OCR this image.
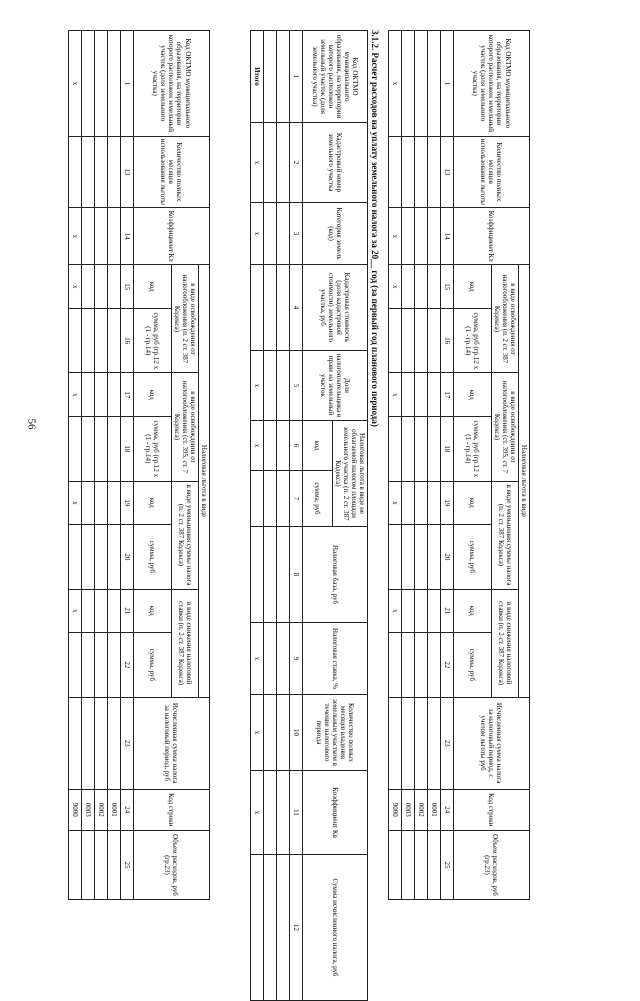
56
Код ОКТМО муниципального образования, на территории которого расположен земельный участок (доля земельного участка)	Количество полных месяцев использования льготы	Коэффициент Кл	Налоговая льгота в виде								Исчисленная сумма налога за налоговый период, с учетом льготы руб	Код строки	Объем расходов, руб (гр.23)
			в виде освобождения от налогообложения (п. 2 ст. 387 Кодекса)		в виде освобождения от налогообложения (ст. 395, ст. 7 Кодекса)		в виде уменьшения суммы налога (п. 2 ст. 387 Кодекса)		в виде снижения налоговой ставки (п. 2 ст. 387 Кодекса)				
			код	сумма, руб (гр.12 x (1 - гр.14)	код	сумма, руб (гр.12 x (1 - гр.14)	код	сумма, руб	код	сумма, руб			
1	13	14	15	16	17	18	19	20	21	22	23	24	25
												0001	
												0002	
												0003	
x		x	x		x		x		x			9000	
3.1.2. Расчет расходов на уплату земельного налога за 20__ год (за первый год планового периода)
Код ОКТМО муниципального образования, на территории которого расположен земельный участок (доля земельного участка)	Кадастровый номер земельного участка	Категория земель (код)	Кадастровая стоимость (доля кадастровой стоимости) земельного участка, руб	Доля налогоплательщика в праве на земельный участок	Налоговая льгота в виде не облагаемой налогом площади земельного участка (п. 2 ст. 387 Кодекса)		Налоговая база, руб	Налоговая ставка, %	Количество полных месяцев владения земельным участком в течение налогового периода	Коэффициент Кв	Сумма исчисленного налога, руб
					код	сумма, руб					
1	2	3	4	5	6	7	8	9	10	11	12

Итого	x	x		x	x			x	x	x	
Код ОКТМО муниципального образования, на территории которого расположен земельный участок (доля земельного участка)	Количество полных месяцев использования льготы	Коэффициент Кл	Налоговая льгота в виде								Исчисленная сумма налога за налоговый период, руб	Код строки	Объем расходов, руб (гр.23)
			в виде освобождения от налогообложения (п. 2 ст. 387 Кодекса)		в виде освобождения от налогообложения (ст. 395, ст. 7 Кодекса)		в виде уменьшения суммы налога (п. 2 ст. 387 Кодекса)		в виде снижения налоговой ставки (п. 2 ст. 387 Кодекса)				
			код	сумма, руб (гр.12 x (1 - гр.14)	код	сумма, руб (гр.12 x (1 - гр.14)	код	сумма, руб	код	сумма, руб			
1	13	14	15	16	17	18	19	20	21	22	23	24	25
												0001	
												0002	
												0003	
x		x	x		x		x		x			9000	
